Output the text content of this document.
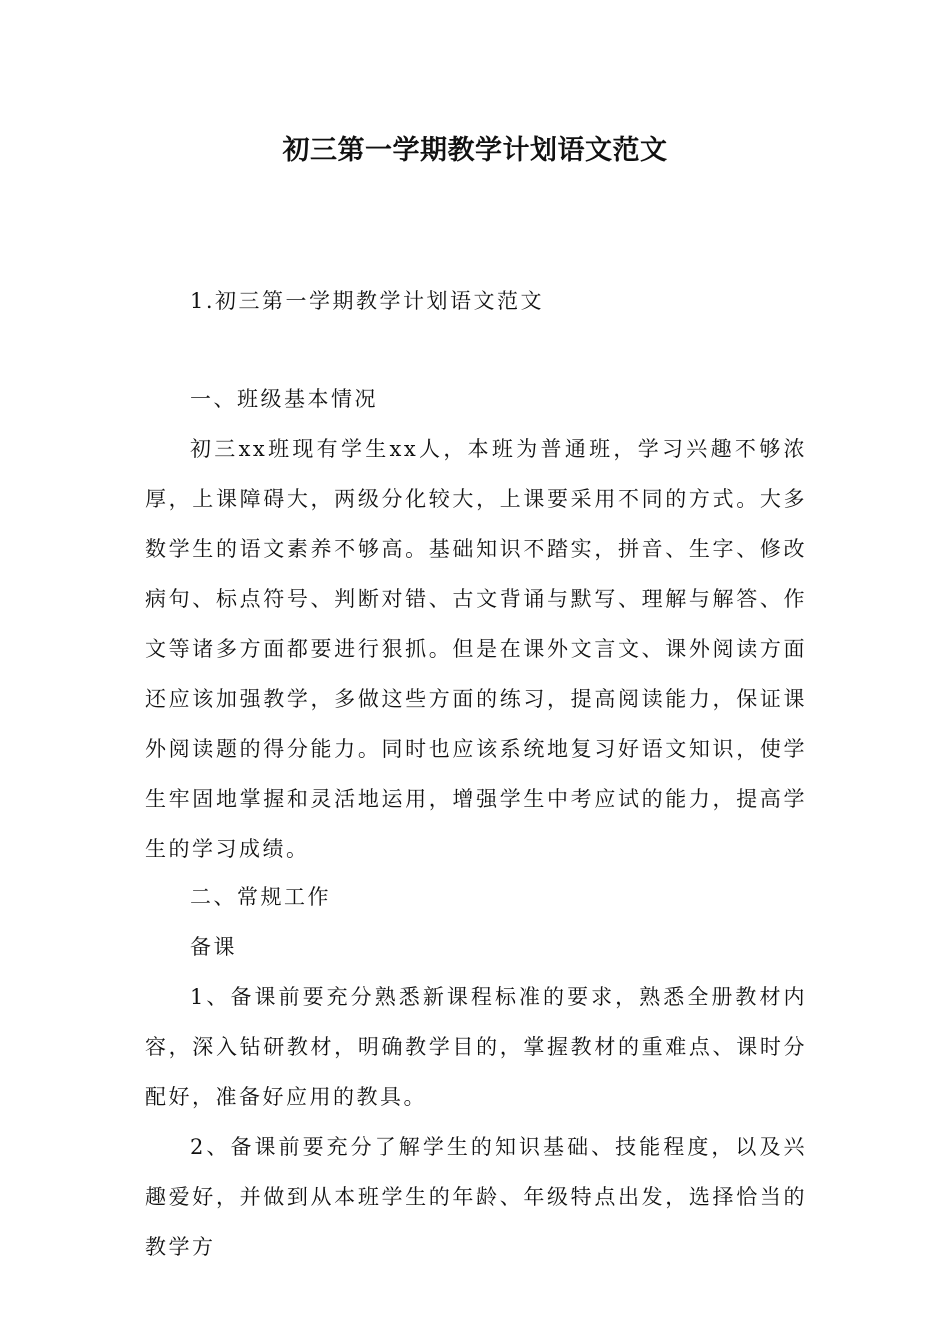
初三第一学期教学计划语文范文

1.初三第一学期教学计划语文范文

一、班级基本情况

初三xx班现有学生xx人，本班为普通班，学习兴趣不够浓厚，上课障碍大，两级分化较大，上课要采用不同的方式。大多数学生的语文素养不够高。基础知识不踏实，拼音、生字、修改病句、标点符号、判断对错、古文背诵与默写、理解与解答、作文等诸多方面都要进行狠抓。但是在课外文言文、课外阅读方面还应该加强教学，多做这些方面的练习，提高阅读能力，保证课外阅读题的得分能力。同时也应该系统地复习好语文知识，使学生牢固地掌握和灵活地运用，增强学生中考应试的能力，提高学生的学习成绩。

二、常规工作

备课

1、备课前要充分熟悉新课程标准的要求，熟悉全册教材内容，深入钻研教材，明确教学目的，掌握教材的重难点、课时分配好，准备好应用的教具。

2、备课前要充分了解学生的知识基础、技能程度，以及兴趣爱好，并做到从本班学生的年龄、年级特点出发，选择恰当的教学方
